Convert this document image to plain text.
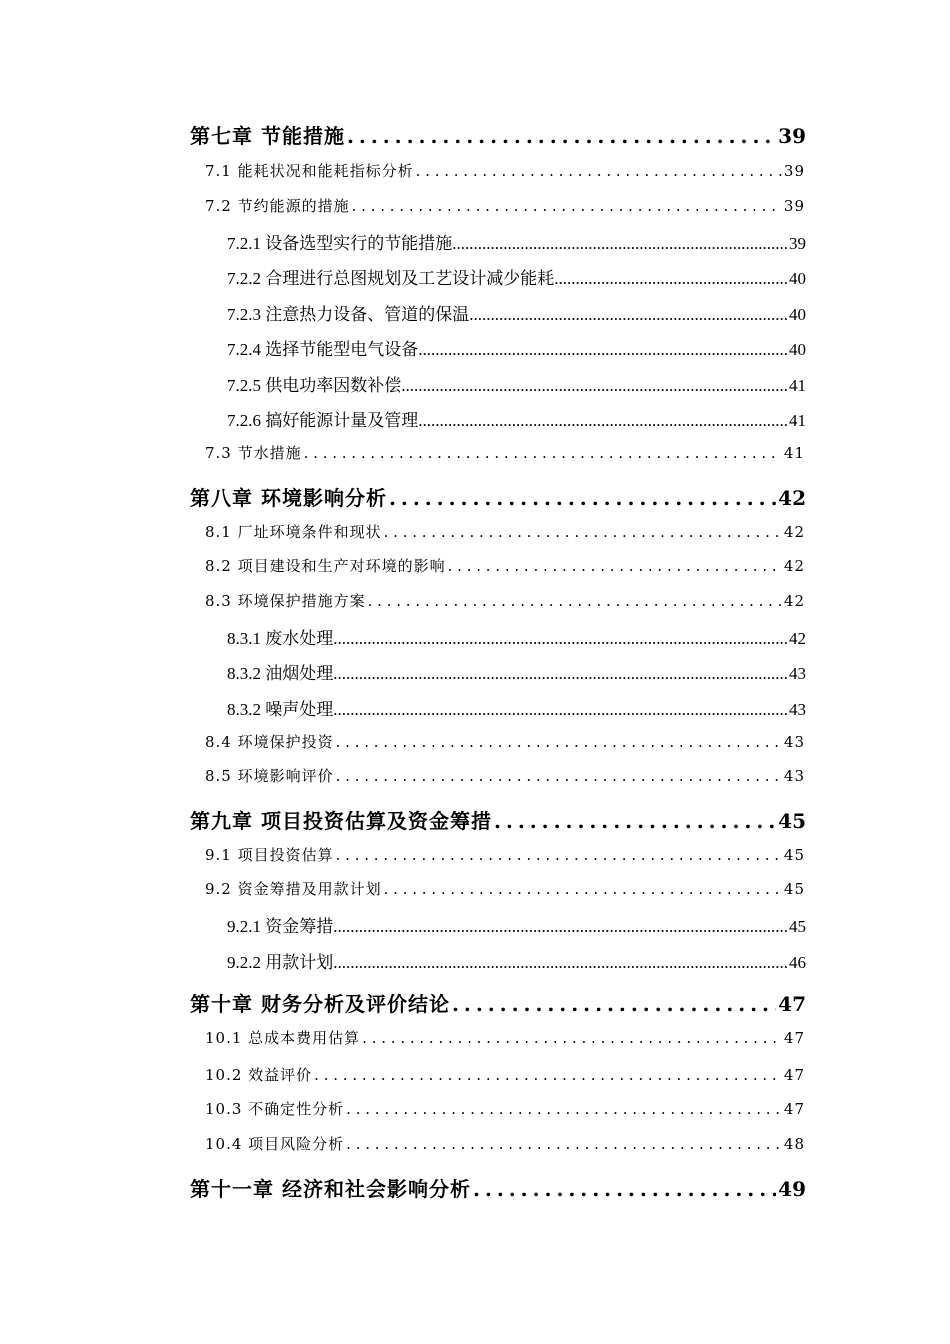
第七章 节能措施 . . .	39
7.1 能耗状况和能耗指标分析 . . .	39
7.2 节约能源的措施 . . .	39
7.2.1 设备选型实行的节能措施 .....	39
7.2.2 合理进行总图规划及工艺设计减少能耗 .....	40
7.2.3 注意热力设备、管道的保温 .....	40
7.2.4 选择节能型电气设备 .....	40
7.2.5 供电功率因数补偿 .....	41
7.2.6 搞好能源计量及管理 .....	41
7.3 节水措施 . . .	41
第八章 环境影响分析 . . .	42
8.1 厂址环境条件和现状 . . .	42
8.2 项目建设和生产对环境的影响 . . .	42
8.3 环境保护措施方案 . . .	42
8.3.1 废水处理 .....	42
8.3.2 油烟处理 .....	43
8.3.2 噪声处理 .....	43
8.4 环境保护投资 . . .	43
8.5 环境影响评价 . . .	43
第九章 项目投资估算及资金筹措 . . .	45
9.1 项目投资估算 . . .	45
9.2 资金筹措及用款计划 . . .	45
9.2.1 资金筹措 .....	45
9.2.2 用款计划 .....	46
第十章 财务分析及评价结论 . . .	47
10.1 总成本费用估算 . . .	47
10.2 效益评价 . . .	47
10.3 不确定性分析 . . .	47
10.4 项目风险分析 . . .	48
第十一章 经济和社会影响分析 . . .	49
